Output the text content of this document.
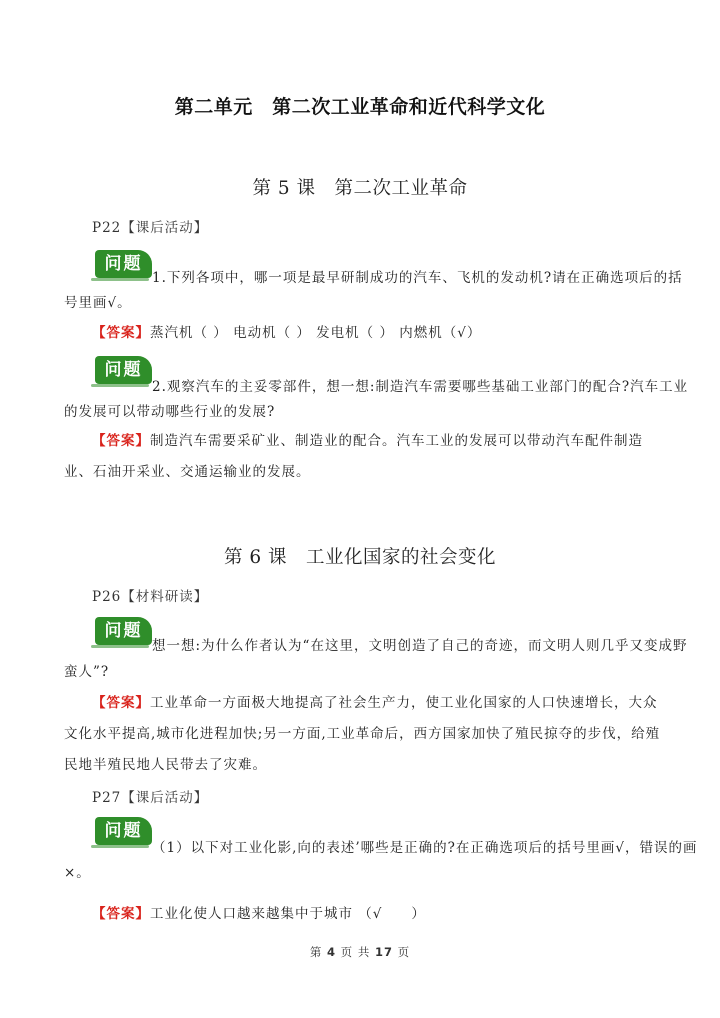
第二单元　第二次工业革命和近代科学文化
第 5 课　第二次工业革命
P22【课后活动】
问题
1.下列各项中，哪一项是最早研制成功的汽车、飞机的发动机?请在正确选项后的括
号里画√。
【答案】蒸汽机（ ） 电动机（ ） 发电机（ ） 内燃机（√）
问题
2.观察汽车的主妥零部件，想一想:制造汽车需要哪些基础工业部门的配合?汽车工业
的发展可以带动哪些行业的发展?
【答案】制造汽车需要采矿业、制造业的配合。汽车工业的发展可以带动汽车配件制造业、石油开采业、交通运输业的发展。
第 6 课　工业化国家的社会变化
P26【材料研读】
问题
想一想:为什么作者认为“在这里，文明创造了自己的奇迹，而文明人则几乎又变成野
蛮人”?
【答案】工业革命一方面极大地提高了社会生产力，使工业化国家的人口快速增长，大众文化水平提高,城市化进程加快;另一方面,工业革命后，西方国家加快了殖民掠夺的步伐，给殖民地半殖民地人民带去了灾难。
P27【课后活动】
问题
（1）以下对工业化影,向的表述’哪些是正确的?在正确选项后的括号里画√，错误的画
×。
【答案】工业化使人口越来越集中于城市 （√　　）
第 4 页 共 17 页
